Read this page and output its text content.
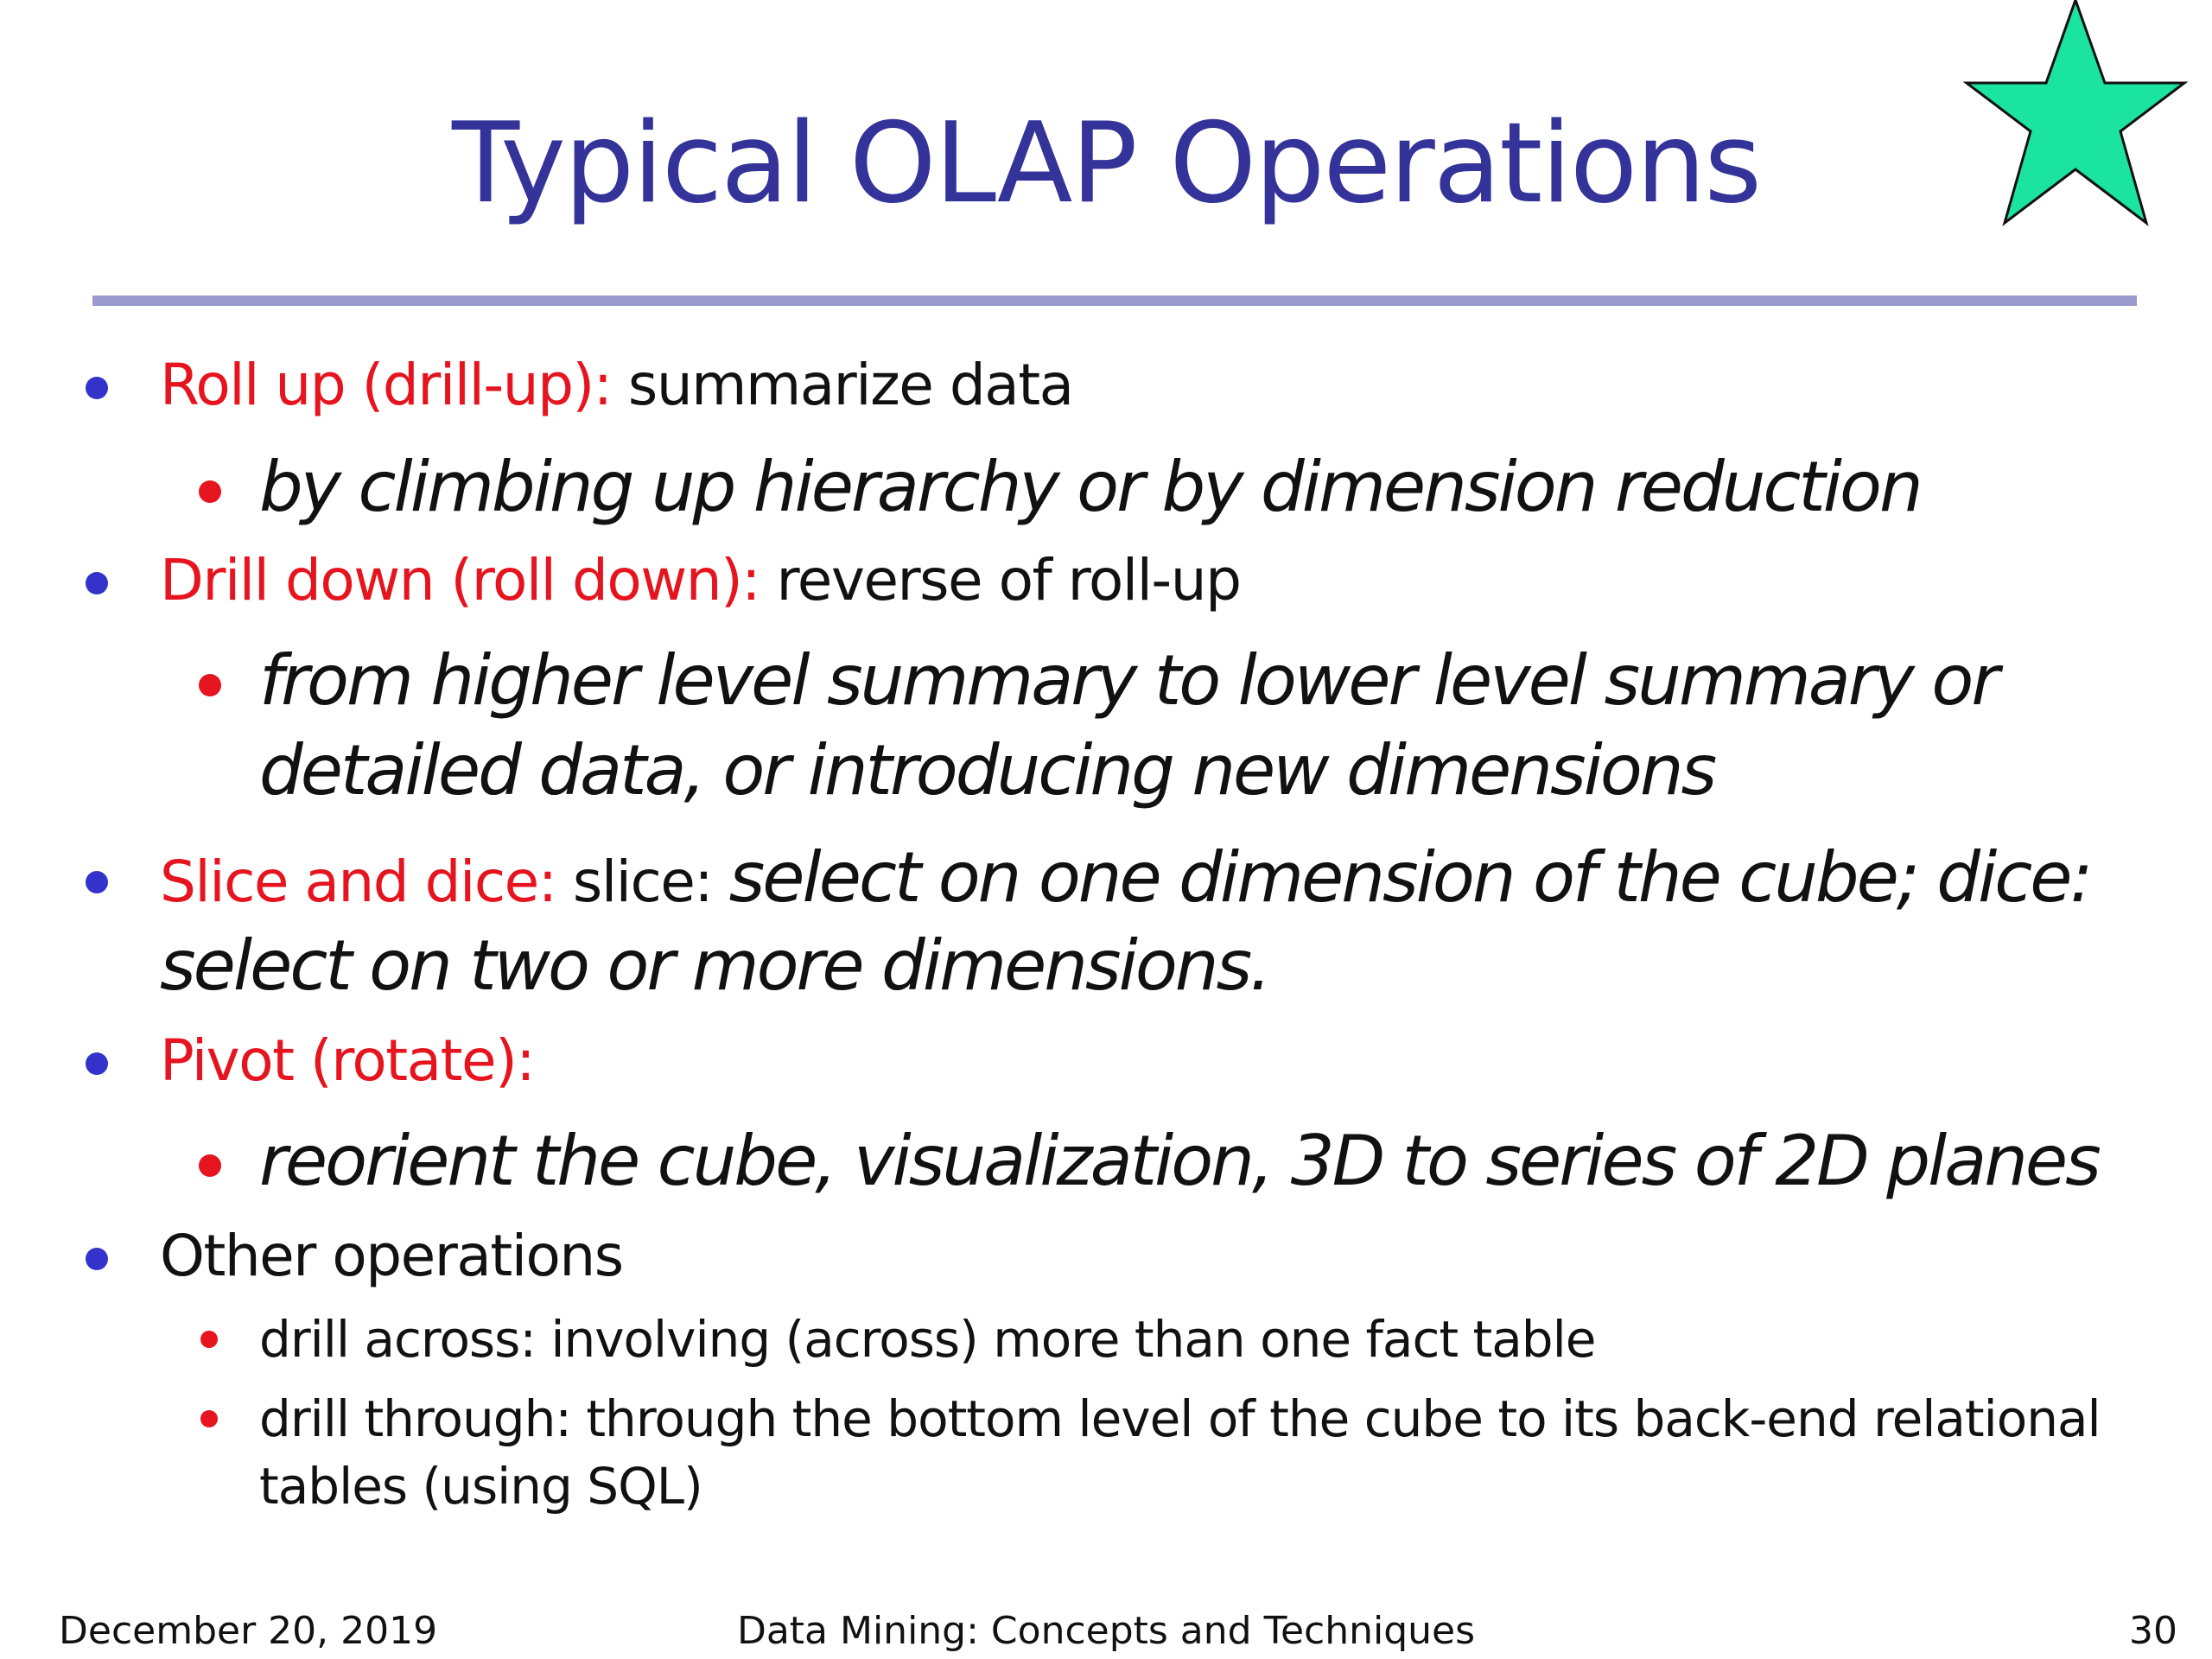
Typical OLAP Operations
Roll up (drill-up): summarize data
by climbing up hierarchy or by dimension reduction
Drill down (roll down): reverse of roll-up
from higher level summary to lower level summary or
detailed data, or introducing new dimensions
Slice and dice: slice: select on one dimension of the cube; dice:
select on two or more dimensions.
Pivot (rotate):
reorient the cube, visualization, 3D to series of 2D planes
Other operations
drill across: involving (across) more than one fact table
drill through: through the bottom level of the cube to its back-end relational
tables (using SQL)
December 20, 2019	Data Mining: Concepts and Techniques	30
